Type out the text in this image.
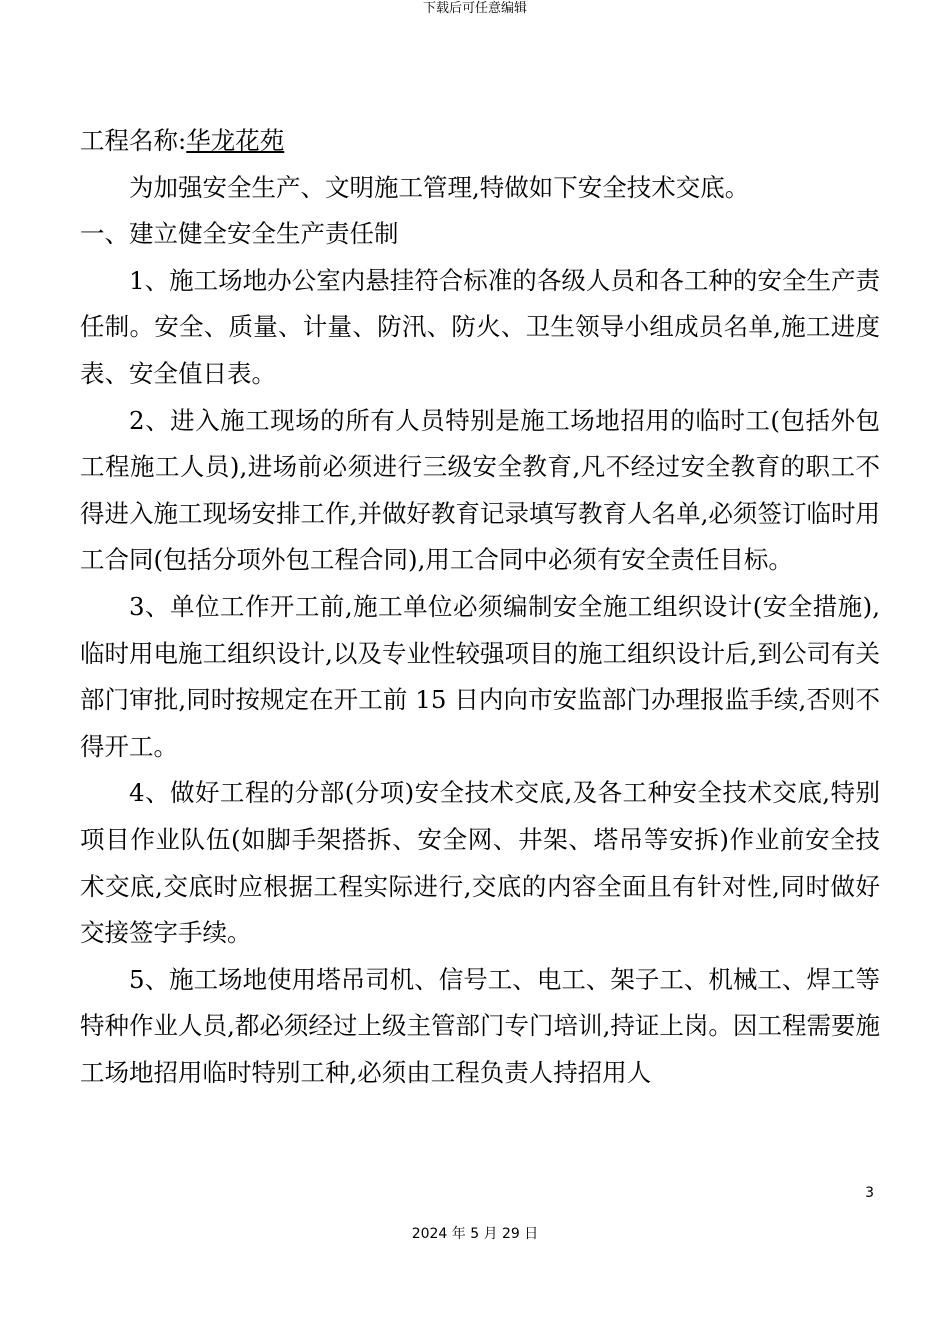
下载后可任意编辑

工程名称:华龙花苑

为加强安全生产、文明施工管理,特做如下安全技术交底。

一、建立健全安全生产责任制

1、施工场地办公室内悬挂符合标准的各级人员和各工种的安全生产责任制。安全、质量、计量、防汛、防火、卫生领导小组成员名单,施工进度表、安全值日表。

2、进入施工现场的所有人员特别是施工场地招用的临时工(包括外包工程施工人员),进场前必须进行三级安全教育,凡不经过安全教育的职工不得进入施工现场安排工作,并做好教育记录填写教育人名单,必须签订临时用工合同(包括分项外包工程合同),用工合同中必须有安全责任目标。

3、单位工作开工前,施工单位必须编制安全施工组织设计(安全措施),临时用电施工组织设计,以及专业性较强项目的施工组织设计后,到公司有关部门审批,同时按规定在开工前 15 日内向市安监部门办理报监手续,否则不得开工。

4、做好工程的分部(分项)安全技术交底,及各工种安全技术交底,特别项目作业队伍(如脚手架搭拆、安全网、井架、塔吊等安拆)作业前安全技术交底,交底时应根据工程实际进行,交底的内容全面且有针对性,同时做好交接签字手续。

5、施工场地使用塔吊司机、信号工、电工、架子工、机械工、焊工等特种作业人员,都必须经过上级主管部门专门培训,持证上岗。因工程需要施工场地招用临时特别工种,必须由工程负责人持招用人

3
2024 年 5 月 29 日
